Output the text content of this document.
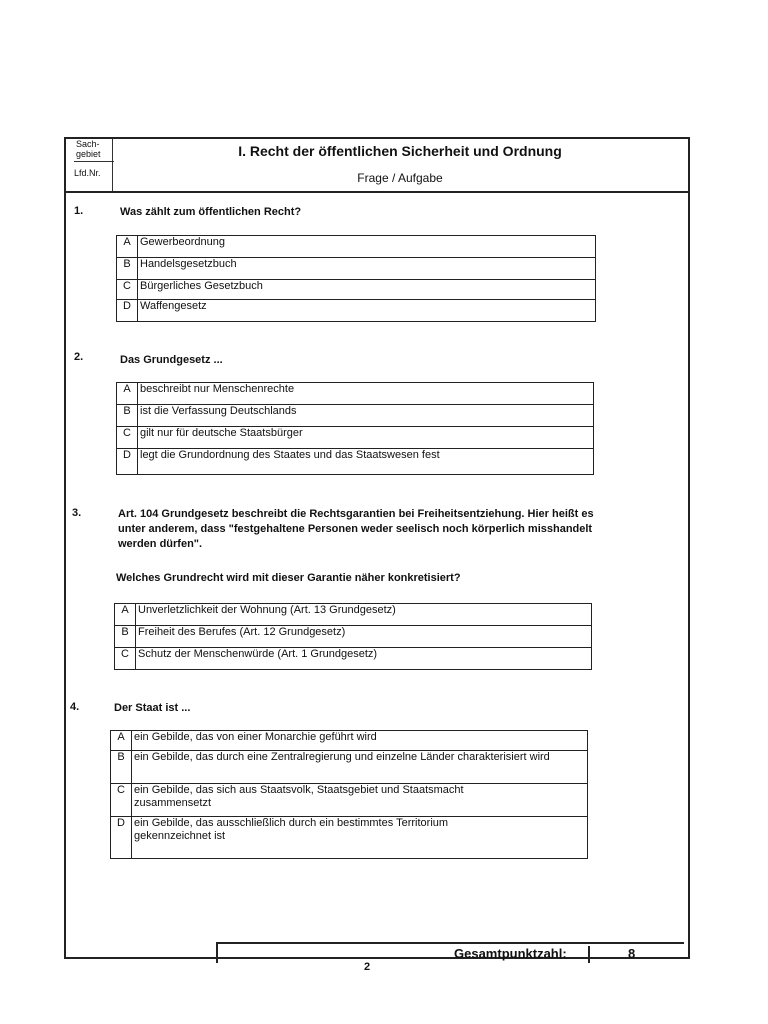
Sach-
gebiet
Lfd.Nr.
I. Recht der öffentlichen Sicherheit und Ordnung
Frage / Aufgabe
1.	Was zählt zum öffentlichen Recht?
A	Gewerbeordnung
B	Handelsgesetzbuch
C	Bürgerliches Gesetzbuch
D	Waffengesetz
2.	Das Grundgesetz ...
A	beschreibt nur Menschenrechte
B	ist die Verfassung Deutschlands
C	gilt nur für deutsche Staatsbürger
D	legt die Grundordnung des Staates und das Staatswesen fest
3.	Art. 104 Grundgesetz beschreibt die Rechtsgarantien bei Freiheitsentziehung. Hier heißt es unter anderem, dass "festgehaltene Personen weder seelisch noch körperlich misshandelt werden dürfen".
Welches Grundrecht wird mit dieser Garantie näher konkretisiert?
A	Unverletzlichkeit der Wohnung (Art. 13 Grundgesetz)
B	Freiheit des Berufes (Art. 12 Grundgesetz)
C	Schutz der Menschenwürde (Art. 1 Grundgesetz)
4.	Der Staat ist ...
A	ein Gebilde, das von einer Monarchie geführt wird
B	ein Gebilde, das durch eine Zentralregierung und einzelne Länder charakterisiert wird
C	ein Gebilde, das sich aus Staatsvolk, Staatsgebiet und Staatsmacht zusammensetzt
D	ein Gebilde, das ausschließlich durch ein bestimmtes Territorium gekennzeichnet ist
Gesamtpunktzahl:	8
2
